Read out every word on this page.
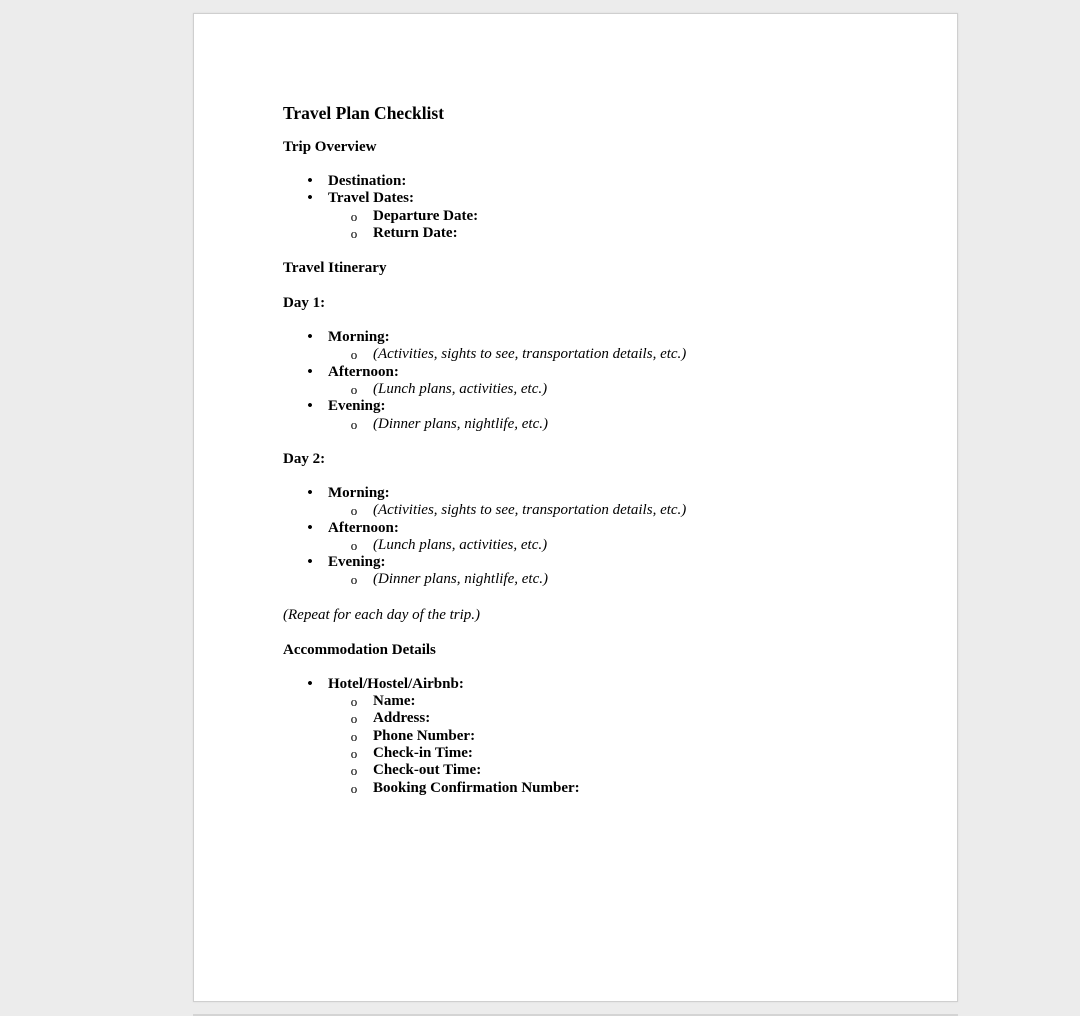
Travel Plan Checklist
Trip Overview
• Destination:
• Travel Dates:
o Departure Date:
o Return Date:
Travel Itinerary
Day 1:
• Morning:
o (Activities, sights to see, transportation details, etc.)
• Afternoon:
o (Lunch plans, activities, etc.)
• Evening:
o (Dinner plans, nightlife, etc.)
Day 2:
• Morning:
o (Activities, sights to see, transportation details, etc.)
• Afternoon:
o (Lunch plans, activities, etc.)
• Evening:
o (Dinner plans, nightlife, etc.)
(Repeat for each day of the trip.)
Accommodation Details
• Hotel/Hostel/Airbnb:
o Name:
o Address:
o Phone Number:
o Check-in Time:
o Check-out Time:
o Booking Confirmation Number:
